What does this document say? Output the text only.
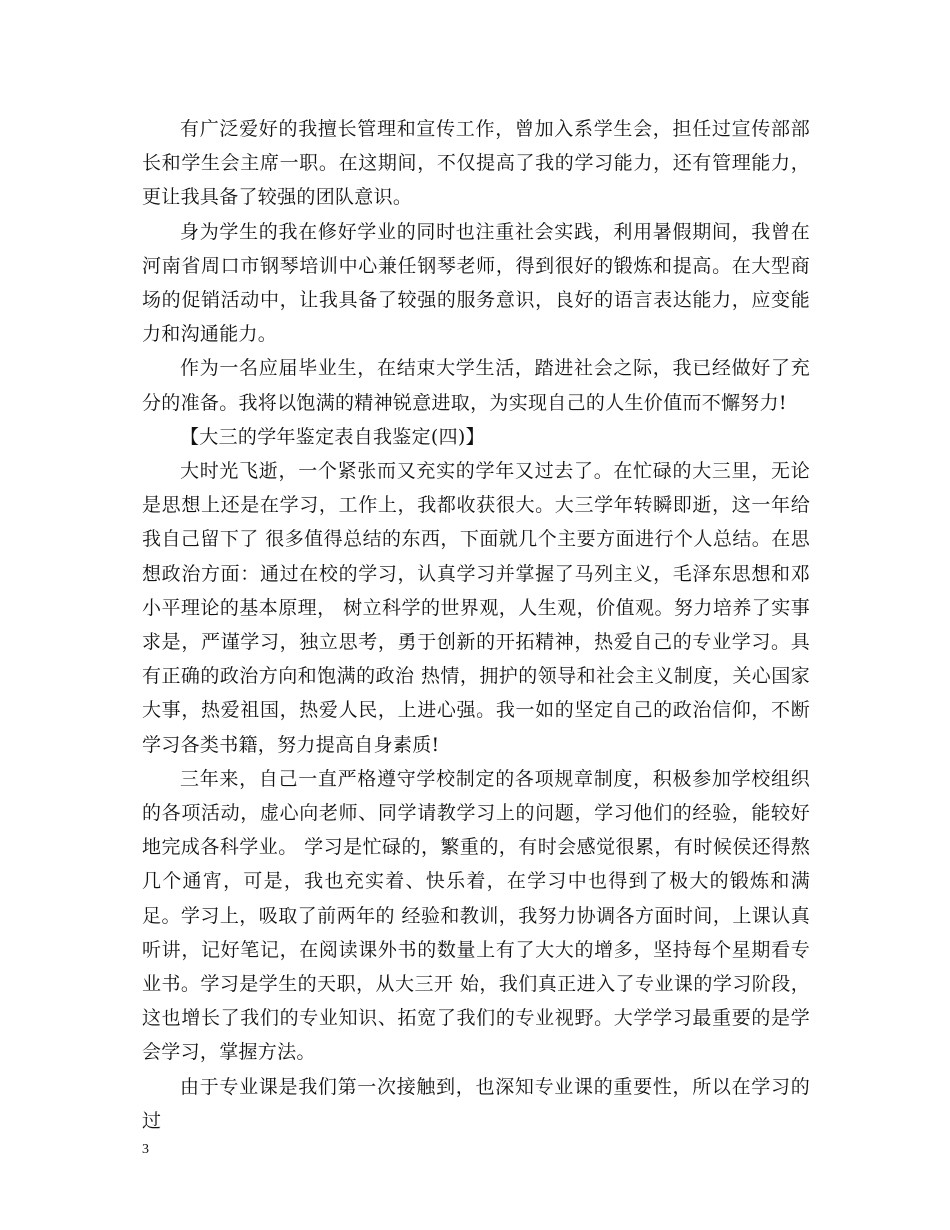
有广泛爱好的我擅长管理和宣传工作，曾加入系学生会，担任过宣传部部长和学生会主席一职。在这期间，不仅提高了我的学习能力，还有管理能力，更让我具备了较强的团队意识。

身为学生的我在修好学业的同时也注重社会实践，利用暑假期间，我曾在河南省周口市钢琴培训中心兼任钢琴老师，得到很好的锻炼和提高。在大型商场的促销活动中，让我具备了较强的服务意识，良好的语言表达能力，应变能力和沟通能力。

作为一名应届毕业生，在结束大学生活，踏进社会之际，我已经做好了充分的准备。我将以饱满的精神锐意进取，为实现自己的人生价值而不懈努力!

【大三的学年鉴定表自我鉴定(四)】

大时光飞逝，一个紧张而又充实的学年又过去了。在忙碌的大三里，无论是思想上还是在学习，工作上，我都收获很大。大三学年转瞬即逝，这一年给我自己留下了 很多值得总结的东西，下面就几个主要方面进行个人总结。在思想政治方面：通过在校的学习，认真学习并掌握了马列主义，毛泽东思想和邓小平理论的基本原理， 树立科学的世界观，人生观，价值观。努力培养了实事求是，严谨学习，独立思考，勇于创新的开拓精神，热爱自己的专业学习。具有正确的政治方向和饱满的政治 热情，拥护的领导和社会主义制度，关心国家大事，热爱祖国，热爱人民，上进心强。我一如的坚定自己的政治信仰，不断学习各类书籍，努力提高自身素质!

三年来，自己一直严格遵守学校制定的各项规章制度，积极参加学校组织的各项活动，虚心向老师、同学请教学习上的问题，学习他们的经验，能较好地完成各科学业。 学习是忙碌的，繁重的，有时会感觉很累，有时候侯还得熬几个通宵，可是，我也充实着、快乐着，在学习中也得到了极大的锻炼和满足。学习上，吸取了前两年的 经验和教训，我努力协调各方面时间，上课认真听讲，记好笔记，在阅读课外书的数量上有了大大的增多，坚持每个星期看专业书。学习是学生的天职，从大三开 始，我们真正进入了专业课的学习阶段，这也增长了我们的专业知识、拓宽了我们的专业视野。大学学习最重要的是学会学习，掌握方法。

由于专业课是我们第一次接触到，也深知专业课的重要性，所以在学习的过

3
